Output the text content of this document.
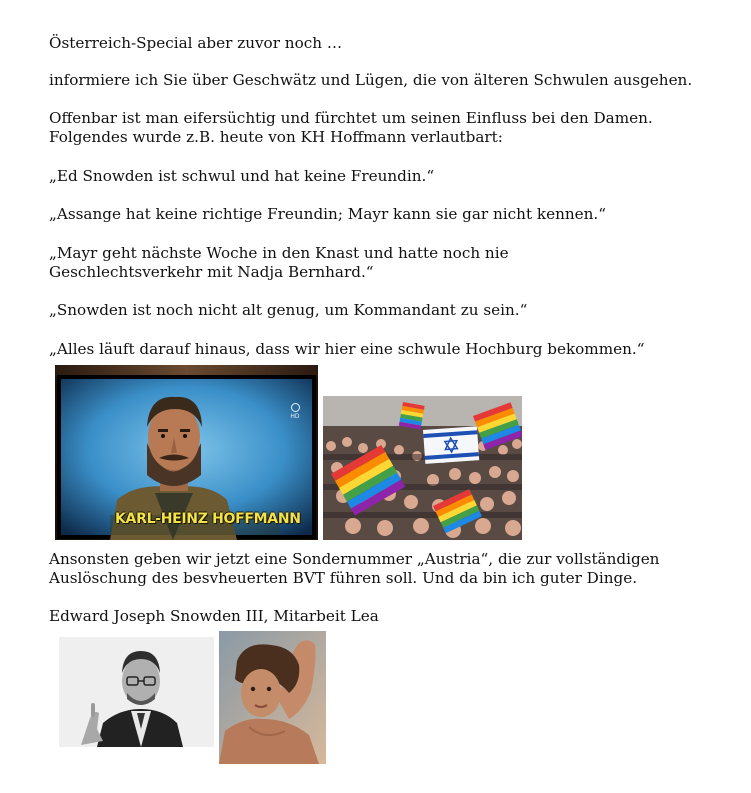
Österreich-Special aber zuvor noch …

informiere ich Sie über Geschwätz und Lügen, die von älteren Schwulen ausgehen.

Offenbar ist man eifersüchtig und fürchtet um seinen Einfluss bei den Damen.

Folgendes wurde z.B. heute von KH Hoffmann verlautbart:

„Ed Snowden ist schwul und hat keine Freundin.“

„Assange hat keine richtige Freundin; Mayr kann sie gar nicht kennen.“

„Mayr geht nächste Woche in den Knast und hatte noch nie Geschlechtsverkehr mit Nadja Bernhard.“

„Snowden ist noch nicht alt genug, um Kommandant zu sein.“

„Alles läuft darauf hinaus, dass wir hier eine schwule Hochburg bekommen.“

HD
KARL-HEINZ HOFFMANN

Ansonsten geben wir jetzt eine Sondernummer „Austria“, die zur vollständigen Auslöschung des besvheuerten BVT führen soll. Und da bin ich guter Dinge.

Edward Joseph Snowden III, Mitarbeit Lea
